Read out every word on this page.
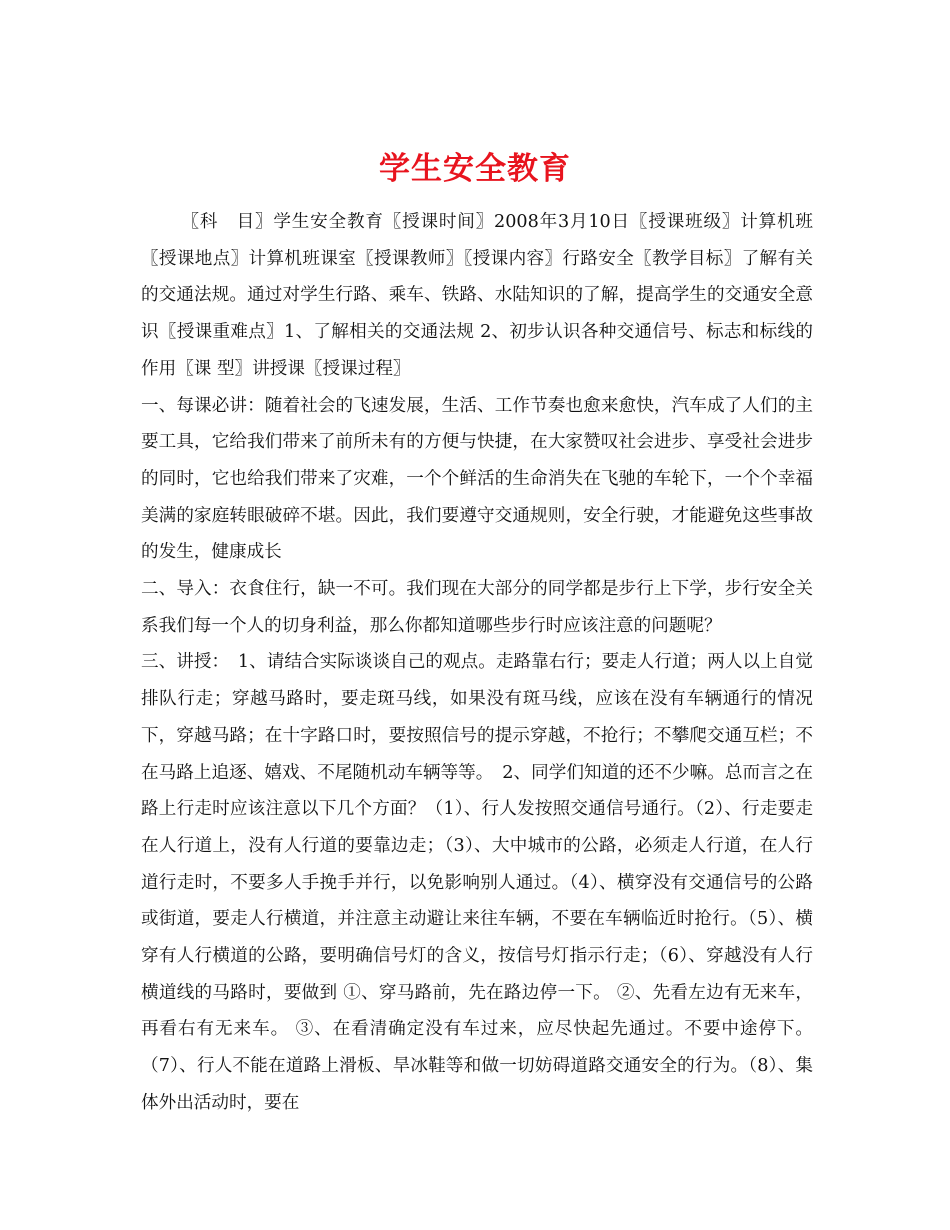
学生安全教育

〖科　目〗学生安全教育〖授课时间〗2008年3月10日〖授课班级〗计算机班〖授课地点〗计算机班课室〖授课教师〗〖授课内容〗行路安全〖教学目标〗了解有关的交通法规。通过对学生行路、乘车、铁路、水陆知识的了解，提高学生的交通安全意识〖授课重难点〗1、了解相关的交通法规 2、初步认识各种交通信号、标志和标线的作用〖课 型〗讲授课〖授课过程〗

一、每课必讲：随着社会的飞速发展，生活、工作节奏也愈来愈快，汽车成了人们的主要工具，它给我们带来了前所未有的方便与快捷，在大家赞叹社会进步、享受社会进步的同时，它也给我们带来了灾难，一个个鲜活的生命消失在飞驰的车轮下，一个个幸福美满的家庭转眼破碎不堪。因此，我们要遵守交通规则，安全行驶，才能避免这些事故的发生，健康成长

二、导入：衣食住行，缺一不可。我们现在大部分的同学都是步行上下学，步行安全关系我们每一个人的切身利益，那么你都知道哪些步行时应该注意的问题呢？

三、讲授：　1、请结合实际谈谈自己的观点。走路靠右行；要走人行道；两人以上自觉排队行走；穿越马路时，要走斑马线，如果没有斑马线，应该在没有车辆通行的情况下，穿越马路；在十字路口时，要按照信号的提示穿越，不抢行；不攀爬交通互栏；不在马路上追逐、嬉戏、不尾随机动车辆等等。　2、同学们知道的还不少嘛。总而言之在路上行走时应该注意以下几个方面？（1）、行人发按照交通信号通行。（2）、行走要走在人行道上，没有人行道的要靠边走；（3）、大中城市的公路，必须走人行道，在人行道行走时，不要多人手挽手并行，以免影响别人通过。（4）、横穿没有交通信号的公路或街道，要走人行横道，并注意主动避让来往车辆，不要在车辆临近时抢行。（5）、横穿有人行横道的公路，要明确信号灯的含义，按信号灯指示行走；（6）、穿越没有人行横道线的马路时，要做到 ①、穿马路前，先在路边停一下。 ②、先看左边有无来车，再看右有无来车。 ③、在看清确定没有车过来，应尽快起先通过。不要中途停下。（7）、行人不能在道路上滑板、旱冰鞋等和做一切妨碍道路交通安全的行为。（8）、集体外出活动时，要在
